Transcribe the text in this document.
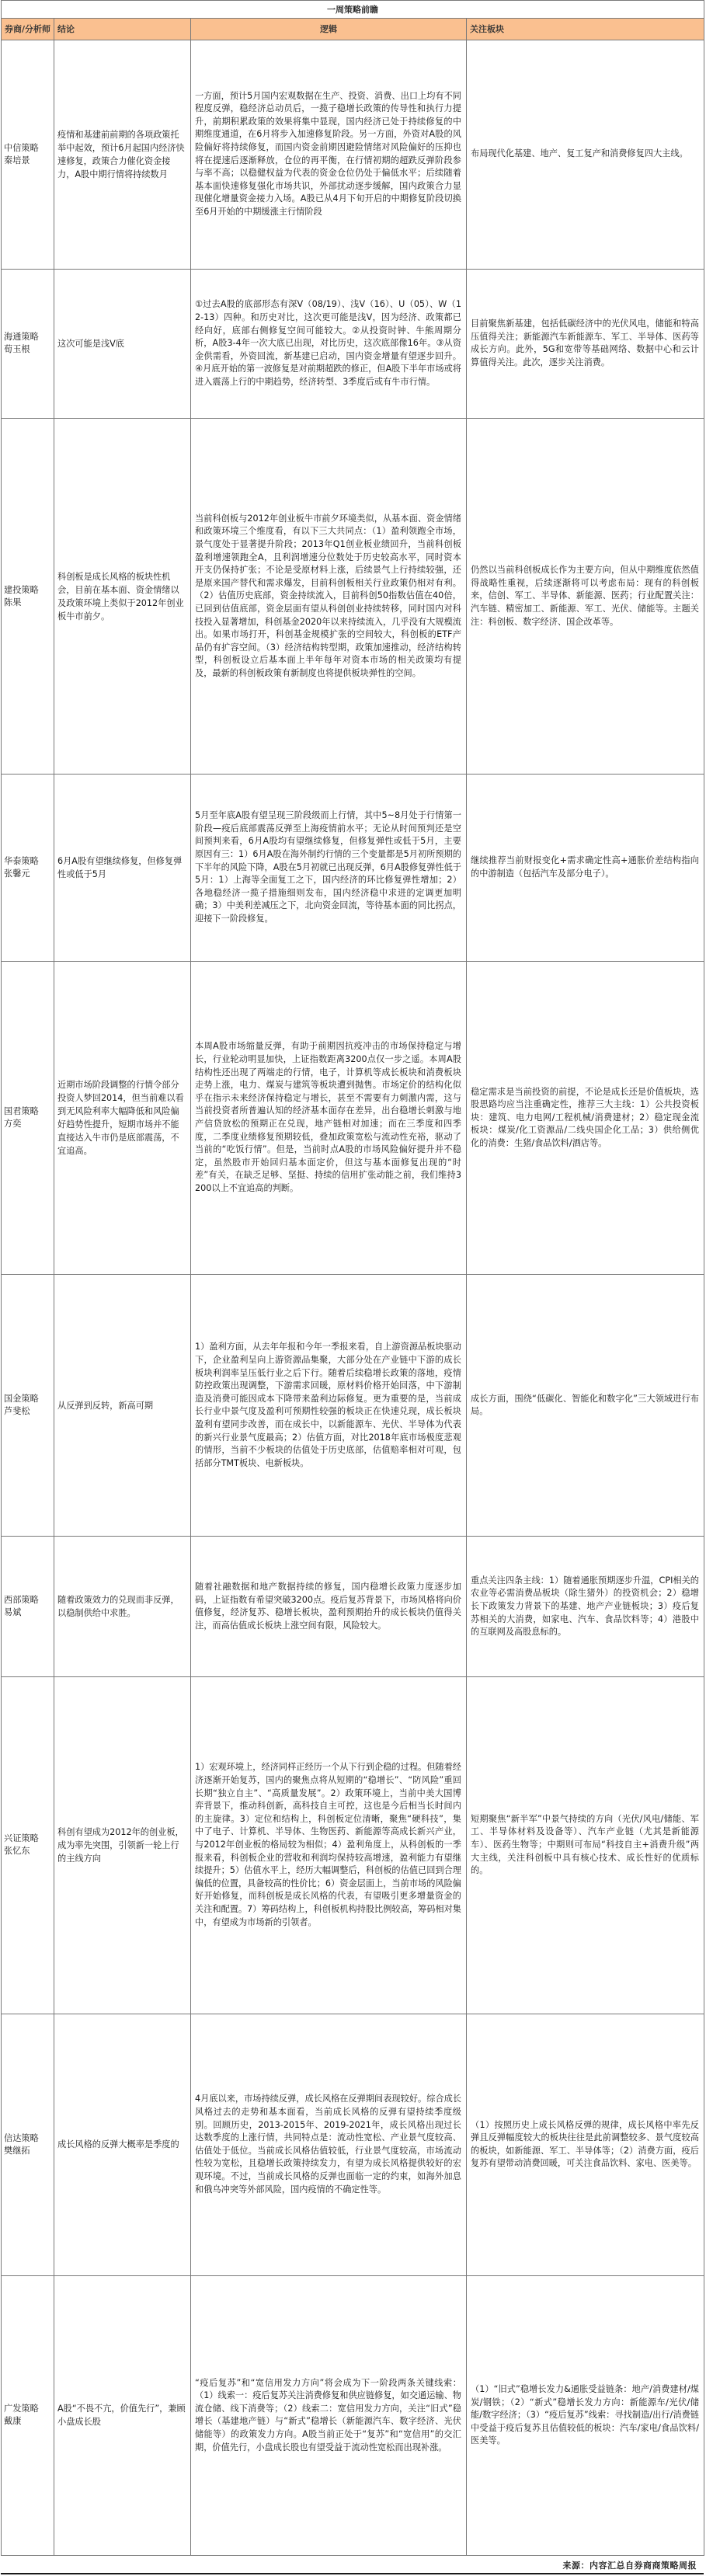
一周策略前瞻			
券商/分析师	结论	逻辑	关注板块
中信策略
秦培景	疫情和基建前前期的各项政策托举中起效，预计6月起国内经济快速修复，政策合力催化资金接力，A股中期行情将持续数月	一方面，预计5月国内宏观数据在生产、投资、消费、出口上均有不同程度反弹，稳经济总动员后，一揽子稳增长政策的传导性和执行力提升，前期积累政策的效果将集中显现，国内经济已处于持续修复的中期维度通道，在6月将步入加速修复阶段。另一方面，外资对A股的风险偏好将持续修复，而国内资金前期因避险情绪对风险偏好的压抑也将在提速后逐渐释放，仓位的再平衡，在行情初期的超跌反弹阶段参与率不高；以稳健权益为代表的资金仓位仍处于偏低水平；后续随着基本面快速修复强化市场共识，外部扰动逐步缓解，国内政策合力显现催化增量资金接力入场。A股已从4月下旬开启的中期修复阶段切换至6月开始的中期缓涨主行情阶段	布局现代化基建、地产、复工复产和消费修复四大主线。

海通策略
荀玉根	这次可能是浅V底	①过去A股的底部形态有深V（08/19）、浅V（16）、U（05）、W（12-13）四种。和历史对比，这次更可能是浅V，因为经济、政策都已经向好，底部右侧修复空间可能较大。②从投资时钟、牛熊周期分析，A股3-4年一次大底已出现，对比历史，这次底部像16年。③从资金供需看，外资回流，新基建已启动，国内资金增量有望逐步回升。④月底开始的第一波修复是对前期超跌的修正，但A股下半年市场或将进入震荡上行的中期趋势，经济转型、3季度后或有牛市行情。	目前聚焦新基建，包括低碳经济中的光伏风电，储能和特高压值得关注；新能源汽车新能源车、军工、半导体、医药等成长方向。此外，5G和宽带等基础网络、数据中心和云计算值得关注。此次，逐步关注消费。

建投策略
陈果	科创板是成长风格的板块性机会，目前在基本面、资金情绪以及政策环境上类似于2012年创业板牛市前夕。	当前科创板与2012年创业板牛市前夕环境类似，从基本面、资金情绪和政策环境三个维度看，有以下三大共同点：（1）盈利领跑全市场，景气度处于显著提升阶段；2013年Q1创业板业绩回升，当前科创板盈利增速领跑全A，且利润增速分位数处于历史较高水平，同时资本开支仍保持扩张；不论是受原材料上涨，后续景气上行持续较强，还是原来国产替代和需求爆发，目前科创板相关行业政策仍相对有利。（2）估值历史底部，资金持续流入，目前科创50指数估值在40倍，已回到估值底部，资金层面有望从科创创业持续转移，同时国内对科技投入显著增加，科创基金2020年以来持续流入，几乎没有大规模流出。如果市场打开，科创基金规模扩张的空间较大，科创板的ETF产品仍有扩容空间。（3）经济结构转型期，政策加速推动，经济结构转型，科创板设立后基本面上半年每年对资本市场的相关政策均有提及，最新的科创板政策有新制度也将提供板块弹性的空间。	仍然以当前科创板成长作为主要方向，但从中期维度依然值得战略性重视，后续逐渐将可以考虑布局：现有的科创板来，信创、军工、半导体、新能源、医药；行业配置关注：汽车链、精密加工、新能源、军工、光伏、储能等。主题关注：科创板、数字经济、国企改革等。

华泰策略
张馨元	6月A股有望继续修复，但修复弹性或低于5月	5月至年底A股有望呈现三阶段级而上行情，其中5~8月处于行情第一阶段—疫后底部震荡反弹至上海疫情前水平；无论从时间预判还是空间预判来看，6月A股均有望继续修复，但修复弹性或低于5月，主要原因有三：1）6月A股在海外制约行情的三个变量都是5月初所预期的下半年的风险下降，A股在5月初就已出现反弹，6月A股修复弹性低于5月：1）上海等全面复工之下，国内经济的环比修复弹性增加；2）各地稳经济一揽子措施细则发布，国内经济稳中求进的定调更加明确；3）中美利差减压之下，北向资金回流，等待基本面的同比拐点，迎接下一阶段修复。	继续推荐当前财报变化+需求确定性高+通胀价差结构指向的中游制造（包括汽车及部分电子）。

国君策略
方奕	近期市场阶段调整的行情令部分投资人梦回2014，但当前难以看到无风险利率大幅降低和风险偏好趋势性提升，短期市场并不能直接达入牛市仍是底部震荡，不宜追高。	本周A股市场缩量反弹，有助于前期因抗疫冲击的市场保持稳定与增长，行业轮动明显加快，上证指数距离3200点仅一步之遥。本周A股结构性还出现了两端走的行情，电子，计算机等成长板块和消费板块走势上涨，电力、煤炭与建筑等板块遭到抛售。市场定价的结构化似乎在指示未来经济保持稳定与增长，甚至不需要有力刺激内需，这与当前投资者所普遍认知的经济基本面存在差异，出台稳增长刺激与地产信贷放松的预期正在兑现，地产链相对加速；而在三季度和四季度，二季度业绩修复预期较低，叠加政策宽松与流动性充裕，驱动了当前的“吃饭行情”。但是，当前时点A股的市场风险偏好提升并不稳定，虽然股市开始回归基本面定价，但这与基本面修复出现的“时差”有关，在缺乏足够、坚挺、持续的信用扩张动能之前，我们维持3200以上不宜追高的判断。	稳定需求是当前投资的前提，不论是成长还是价值板块，选股思路均应当注重确定性，推荐三大主线：1）公共投资板块：建筑、电力电网/工程机械/消费建材；2）稳定现金流板块：煤炭/化工资源品/二线央国企化工品；3）供给侧优化的消费：生猪/食品饮料/酒店等。

国金策略
芦斐松	从反弹到反转，新高可期	1）盈利方面，从去年年报和今年一季报来看，自上游资源品板块驱动下，企业盈利呈向上游资源品集聚，大部分处在产业链中下游的成长板块利润率呈压低行业之后下行。随着后续稳增长政策的落地，疫情防控政策出现调整，下游需求回暖，原材料价格开始回落，中下游制造及消费可能因成本下降带来盈利边际修复。更为重要的是，当前成长行业中景气度及盈利可预期性较强的板块正在快速兑现，成长板块盈利有望同步改善，而在成长中，以新能源车、光伏、半导体为代表的新兴行业景气度最高；2）估值方面，对比2018年底市场极度悲观的情形，当前不少板块的估值处于历史底部，估值赔率相对可观，包括部分TMT板块、电新板块。	成长方面，围绕“低碳化、智能化和数字化”三大领域进行布局。

西部策略
易斌	随着政策效力的兑现而非反弹，以稳制供给中求胜。	随着社融数据和地产数据持续的修复，国内稳增长政策力度逐步加码，上证指数有希望突破3200点。疫后复苏背景下，市场风格将向价值修复，经济复苏、稳增长板块，盈利预期抬升的成长板块仍值得关注，而高估值成长板块上涨空间有限，风险较大。	重点关注四条主线：1）随着通胀预期逐步升温，CPI相关的农业等必需消费品板块（除生猪外）的投资机会；2）稳增长下政策发力背景下的基建、地产产业链板块；3）疫后复苏相关的大消费，如家电、汽车、食品饮料等；4）港股中的互联网及高股息标的。

兴证策略
张忆东	科创有望成为2012年的创业板，成为率先突围，引领新一轮上行的主线方向	1）宏观环境上，经济同样正经历一个从下行到企稳的过程。但随着经济逐渐开始复苏，国内的聚焦点将从短期的“稳增长”、“防风险”重回长期“独立自主”、“高质量发展”。2）政策环境上，当前中美大国博弈背景下，推动科创新，高科技自主可控，这也是今后相当长时间内的主旋律。3）定位和结构上，科创板定位清晰，聚焦“硬科技”，集中了电子、计算机、半导体、生物医药、新能源等高成长新兴产业，与2012年创业板的格局较为相似；4）盈利角度上，从科创板的一季报来看，科创板企业的营收和利润均保持较高增速，盈利能力有望继续提升；5）估值水平上，经历大幅调整后，科创板的估值已回到合理偏低的位置，具备较高的性价比；6）资金层面上，当前市场的风险偏好开始修复，而科创板是成长风格的代表，有望吸引更多增量资金的关注和配置。7）筹码结构上，科创板机构持股比例较高，筹码相对集中，有望成为市场新的引领者。	短期聚焦“新半军”中景气持续的方向（光伏/风电/储能、军工、半导体材料及设备等）、汽车产业链（尤其是新能源车）、医药生物等；中期则可布局“科技自主+消费升级”两大主线，关注科创板中具有核心技术、成长性好的优质标的。

信达策略
樊继拓	成长风格的反弹大概率是季度的	4月底以来，市场持续反弹，成长风格在反弹期间表现较好。综合成长风格过去的走势和基本面看，当前成长风格的反弹有望持续季度级别。回顾历史，2013-2015年、2019-2021年，成长风格出现过长达数季度的上涨行情，共同特点是：流动性宽松、产业景气度较高、估值处于低位。当前成长风格估值较低，行业景气度较高，市场流动性较为宽松，且稳增长政策持续发力，有望为成长风格提供较好的宏观环境。不过，当前成长风格的反弹也面临一定的约束，如海外加息和俄乌冲突等外部风险，国内疫情的不确定性等。	（1）按照历史上成长风格反弹的规律，成长风格中率先反弹且反弹幅度较大的板块往往是此前调整较多、景气度较高的板块，如新能源、军工、半导体等；（2）消费方面，疫后复苏有望带动消费回暖，可关注食品饮料、家电、医美等。

广发策略
戴康	A股“不畏不亢，价值先行”，兼顾小盘成长股	“疫后复苏”和“宽信用发力方向”将会成为下一阶段两条关键线索：（1）线索一：疫后复苏关注消费修复和供应链修复，如交通运输、物流仓储、线下消费等；（2）线索二：宽信用发力方向，关注“旧式”稳增长（基建地产链）与“新式”稳增长（新能源汽车、数字经济、光伏储能等）的政策发力方向。A股当前正处于“复苏”和“宽信用”的交汇期，价值先行，小盘成长股也有望受益于流动性宽松而出现补涨。	（1）“旧式”稳增长发力&通胀受益链条：地产/消费建材/煤炭/钢铁；（2）“新式”稳增长发力方向：新能源车/光伏/储能/数字经济；（3）“疫后复苏”线索：寻找制造/出行/消费链中受益于疫后复苏且估值较低的板块：汽车/家电/食品饮料/医美等。
来源：内容汇总自券商商策略周报
